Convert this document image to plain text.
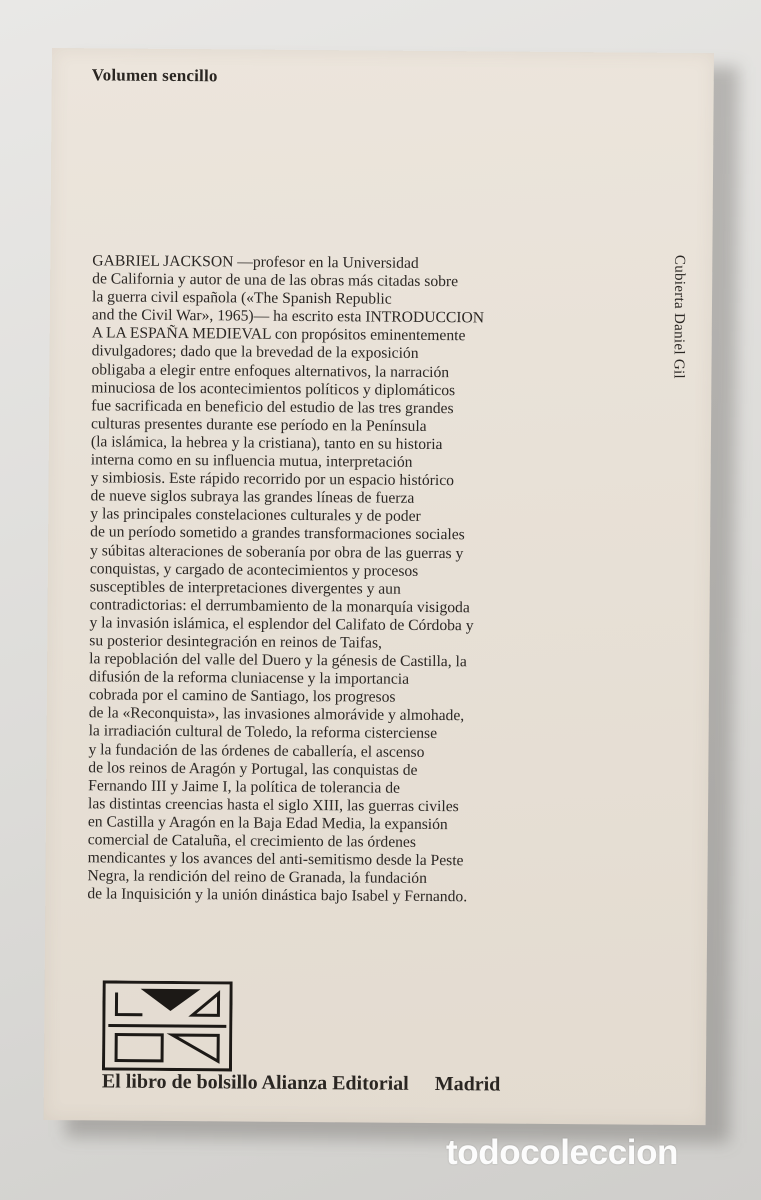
Volumen sencillo

GABRIEL JACKSON —profesor en la Universidad
de California y autor de una de las obras más citadas sobre
la guerra civil española («The Spanish Republic
and the Civil War», 1965)— ha escrito esta INTRODUCCION
A LA ESPAÑA MEDIEVAL con propósitos eminentemente
divulgadores; dado que la brevedad de la exposición
obligaba a elegir entre enfoques alternativos, la narración
minuciosa de los acontecimientos políticos y diplomáticos
fue sacrificada en beneficio del estudio de las tres grandes
culturas presentes durante ese período en la Península
(la islámica, la hebrea y la cristiana), tanto en su historia
interna como en su influencia mutua, interpretación
y simbiosis. Este rápido recorrido por un espacio histórico
de nueve siglos subraya las grandes líneas de fuerza
y las principales constelaciones culturales y de poder
de un período sometido a grandes transformaciones sociales
y súbitas alteraciones de soberanía por obra de las guerras y
conquistas, y cargado de acontecimientos y procesos
susceptibles de interpretaciones divergentes y aun
contradictorias: el derrumbamiento de la monarquía visigoda
y la invasión islámica, el esplendor del Califato de Córdoba y
su posterior desintegración en reinos de Taifas,
la repoblación del valle del Duero y la génesis de Castilla, la
difusión de la reforma cluniacense y la importancia
cobrada por el camino de Santiago, los progresos
de la «Reconquista», las invasiones almorávide y almohade,
la irradiación cultural de Toledo, la reforma cisterciense
y la fundación de las órdenes de caballería, el ascenso
de los reinos de Aragón y Portugal, las conquistas de
Fernando III y Jaime I, la política de tolerancia de
las distintas creencias hasta el siglo XIII, las guerras civiles
en Castilla y Aragón en la Baja Edad Media, la expansión
comercial de Cataluña, el crecimiento de las órdenes
mendicantes y los avances del anti-semitismo desde la Peste
Negra, la rendición del reino de Granada, la fundación
de la Inquisición y la unión dinástica bajo Isabel y Fernando.

Cubierta Daniel Gil
El libro de bolsillo Alianza Editorial Madrid
todocoleccion
